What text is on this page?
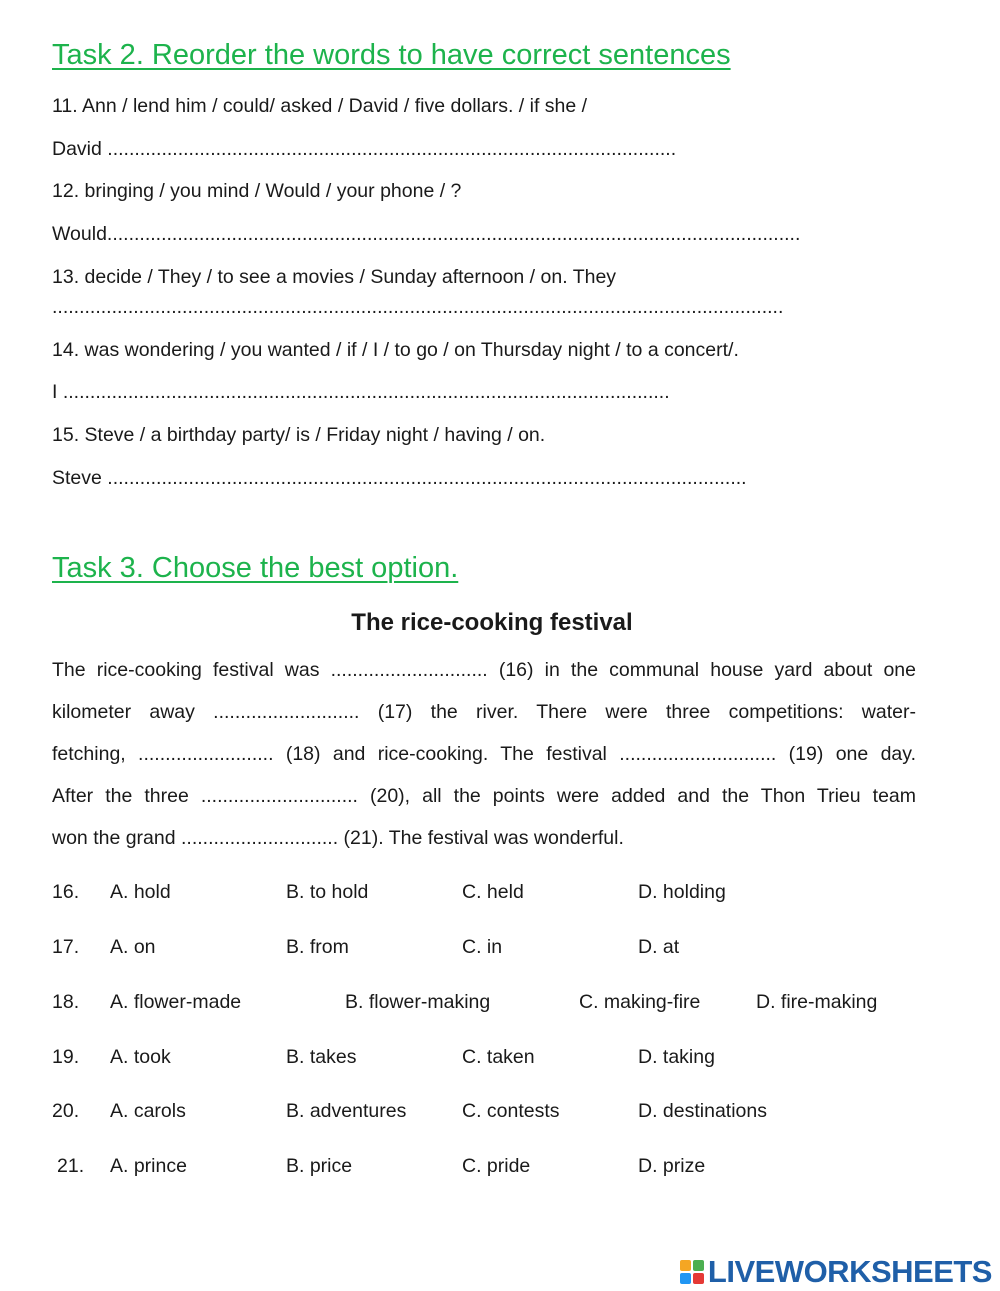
Task 2. Reorder the words to have correct sentences
11. Ann / lend him / could/ asked / David / five dollars. / if she /
David .........................................................................................................
12. bringing / you mind / Would / your phone / ?
Would................................................................................................................................
13. decide / They / to see a movies / Sunday afternoon / on. They
.......................................................................................................................................
14. was wondering / you wanted / if / I / to go / on Thursday night / to a concert/.
I ................................................................................................................
15. Steve / a birthday party/ is / Friday night / having / on.
Steve ......................................................................................................................
Task 3. Choose the best option.
The rice-cooking festival
The rice-cooking festival was ............................. (16) in the communal house yard about one
kilometer away ........................... (17) the river. There were three competitions: water-
fetching, ......................... (18) and rice-cooking. The festival ............................. (19) one day.
After the three ............................. (20), all the points were added and the Thon Trieu team
won the grand ............................. (21). The festival was wonderful.
16. A. hold	B. to hold	C. held	D. holding
17. A. on	B. from	C. in	D. at
18. A. flower-made	B. flower-making	C. making-fire	D. fire-making
19. A. took	B. takes	C. taken	D. taking
20. A. carols	B. adventures	C. contests	D. destinations
21. A. prince	B. price	C. pride	D. prize
LIVEWORKSHEETS
